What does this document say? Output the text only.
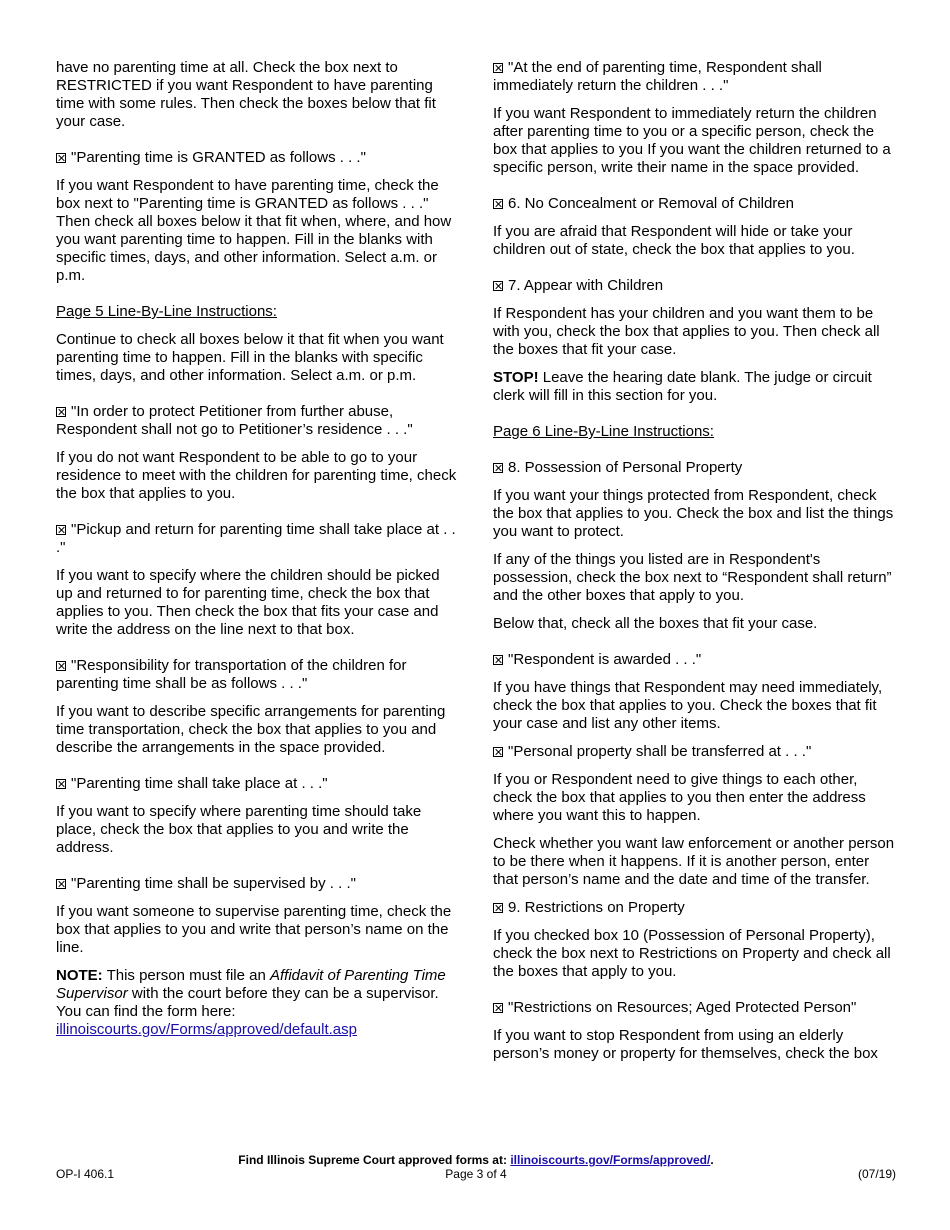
have no parenting time at all. Check the box next to RESTRICTED if you want Respondent to have parenting time with some rules. Then check the boxes below that fit your case.

"Parenting time is GRANTED as follows . . ."

If you want Respondent to have parenting time, check the box next to "Parenting time is GRANTED as follows . . ." Then check all boxes below it that fit when, where, and how you want parenting time to happen. Fill in the blanks with specific times, days, and other information. Select a.m. or p.m.

Page 5 Line-By-Line Instructions:

Continue to check all boxes below it that fit when you want parenting time to happen. Fill in the blanks with specific times, days, and other information. Select a.m. or p.m.

"In order to protect Petitioner from further abuse, Respondent shall not go to Petitioner’s residence . . ."

If you do not want Respondent to be able to go to your residence to meet with the children for parenting time, check the box that applies to you.

"Pickup and return for parenting time shall take place at . . ."

If you want to specify where the children should be picked up and returned to for parenting time, check the box that applies to you. Then check the box that fits your case and write the address on the line next to that box.

"Responsibility for transportation of the children for parenting time shall be as follows . . ."

If you want to describe specific arrangements for parenting time transportation, check the box that applies to you and describe the arrangements in the space provided.

"Parenting time shall take place at . . ."

If you want to specify where parenting time should take place, check the box that applies to you and write the address.

"Parenting time shall be supervised by . . ."

If you want someone to supervise parenting time, check the box that applies to you and write that person’s name on the line.

NOTE: This person must file an Affidavit of Parenting Time Supervisor with the court before they can be a supervisor. You can find the form here:
illinoiscourts.gov/Forms/approved/default.asp

"At the end of parenting time, Respondent shall immediately return the children . . ."

If you want Respondent to immediately return the children after parenting time to you or a specific person, check the box that applies to you If you want the children returned to a specific person, write their name in the space provided.

6. No Concealment or Removal of Children

If you are afraid that Respondent will hide or take your children out of state, check the box that applies to you.

7. Appear with Children

If Respondent has your children and you want them to be with you, check the box that applies to you. Then check all the boxes that fit your case.

STOP! Leave the hearing date blank. The judge or circuit clerk will fill in this section for you.

Page 6 Line-By-Line Instructions:

8. Possession of Personal Property

If you want your things protected from Respondent, check the box that applies to you. Check the box and list the things you want to protect.

If any of the things you listed are in Respondent's possession, check the box next to “Respondent shall return” and the other boxes that apply to you.

Below that, check all the boxes that fit your case.

"Respondent is awarded . . ."

If you have things that Respondent may need immediately, check the box that applies to you. Check the boxes that fit your case and list any other items.

"Personal property shall be transferred at . . ."

If you or Respondent need to give things to each other, check the box that applies to you then enter the address where you want this to happen.

Check whether you want law enforcement or another person to be there when it happens. If it is another person, enter that person’s name and the date and time of the transfer.

9. Restrictions on Property

If you checked box 10 (Possession of Personal Property), check the box next to Restrictions on Property and check all the boxes that apply to you.

"Restrictions on Resources; Aged Protected Person"

If you want to stop Respondent from using an elderly person’s money or property for themselves, check the box

Find Illinois Supreme Court approved forms at: illinoiscourts.gov/Forms/approved/.
OP-I 406.1	Page 3 of 4	(07/19)
